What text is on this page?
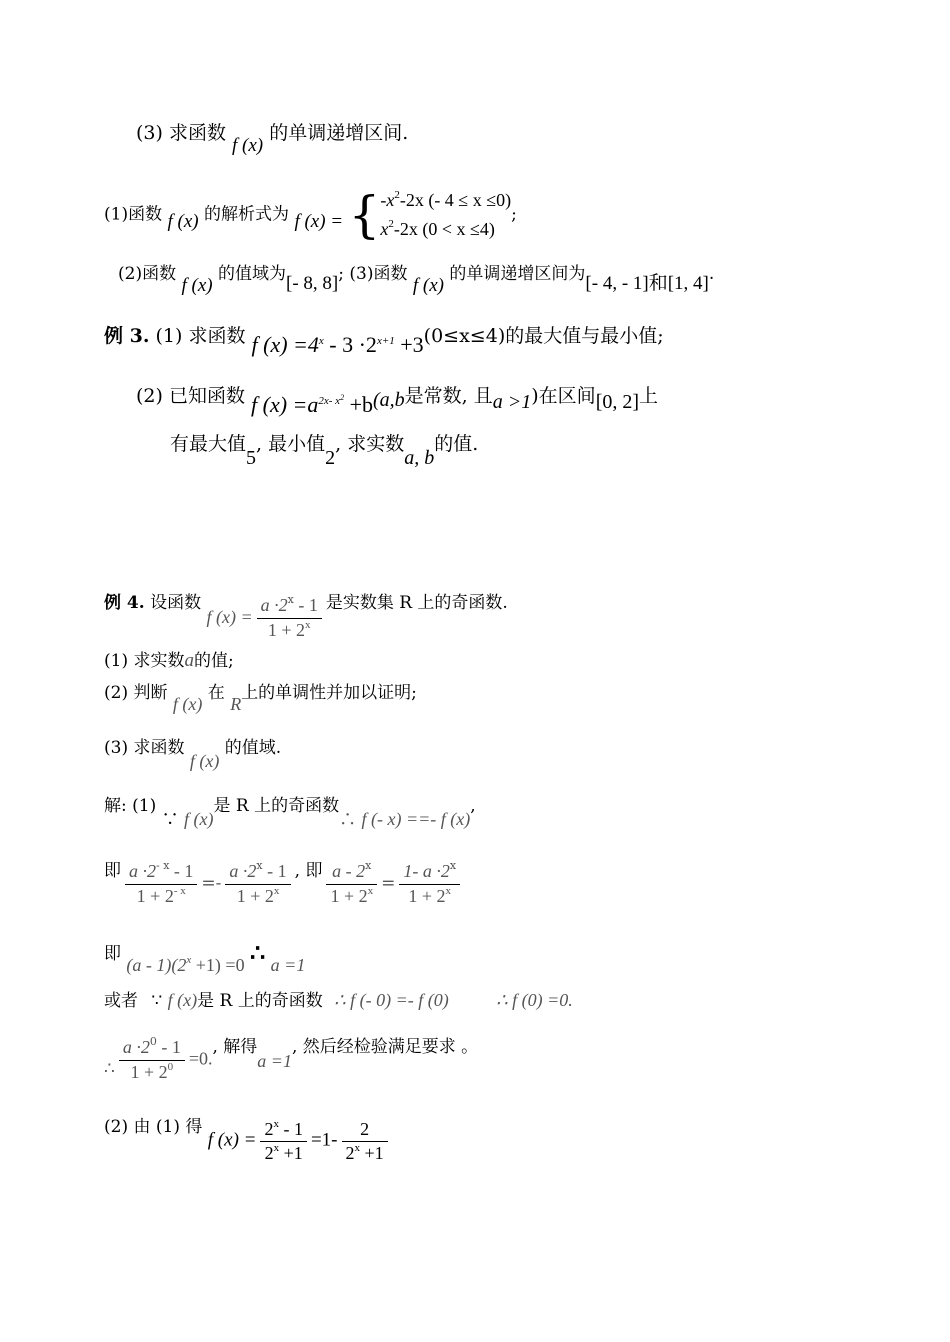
(3) 求函数 f (x) 的单调递增区间.
(1)函数 f (x) 的解析式为 f (x) = { $-x^2-2x$ (- 4 ≤ x ≤0)
$x^2-2x$ (0 < x ≤4)
;
(2)函数 f (x) 的值域为[- 8, 8]; (3)函数 f (x) 的单调递增区间为[- 4, - 1]和[1, 4].
例 3. (1) 求函数 f $(x) =4^x - 3 \cdot 2^{x+1} +3(0\le x\le 4)$的最大值与最小值;
(2) 已知函数 f $(x) =a^{2x- x^2} +b(a,b$是常数, 且a >1)在区间[0, 2]上
有最大值5, 最小值2, 求实数a, b的值.
例 4. 设函数 f $(x) = \frac{a \cdot 2^x - 1}{1 + 2^x}$ 是实数集 R 上的奇函数.
(1) 求实数a的值;
(2) 判断 f (x) 在 R上的单调性并加以证明;
(3) 求函数 f (x) 的值域.
解: (1) ∵ f (x)是 R 上的奇函数∴ f (- x) ==- f (x),
即 $\frac{a \cdot 2^{- x} - 1}{1 + 2^{- x}} =- \frac{a \cdot 2^x - 1}{1 + 2^x}$ , 即 $\frac{a - 2^x}{1 + 2^x} = \frac{1- a \cdot 2^x}{1 + 2^x}$
即 $(a - 1)(2^x +1) =0$ ∴ a =1
或者 ∵ f (x)是 R 上的奇函数 ∴ f (- 0) =- f (0)	∴ f (0) =0.
∴ $\frac{a \cdot 2^0 - 1}{1 + 2^0} =0$., 解得a =1, 然后经检验满足要求 。
(2) 由 (1) 得 f $(x) = \frac{2^x - 1}{2^x +1} =1- \frac{2}{2^x +1}$
